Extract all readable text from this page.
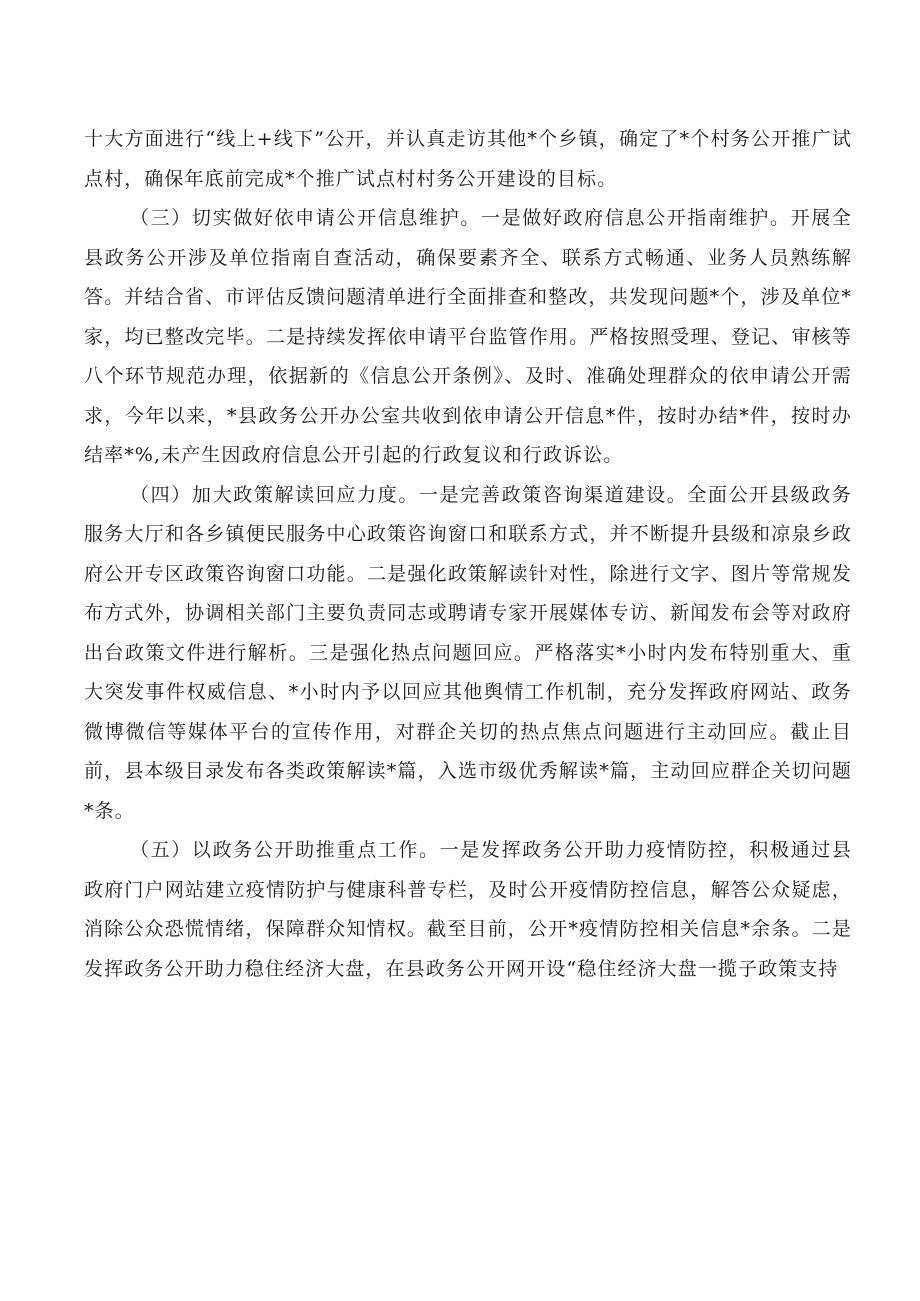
十大方面进行“线上+线下”公开，并认真走访其他*个乡镇，确定了*个村务公开推广试点村，确保年底前完成*个推广试点村村务公开建设的目标。

（三）切实做好依申请公开信息维护。一是做好政府信息公开指南维护。开展全县政务公开涉及单位指南自查活动，确保要素齐全、联系方式畅通、业务人员熟练解答。并结合省、市评估反馈问题清单进行全面排查和整改，共发现问题*个，涉及单位*家，均已整改完毕。二是持续发挥依申请平台监管作用。严格按照受理、登记、审核等八个环节规范办理，依据新的《信息公开条例》、及时、准确处理群众的依申请公开需求，今年以来，*县政务公开办公室共收到依申请公开信息*件，按时办结*件，按时办结率*%,未产生因政府信息公开引起的行政复议和行政诉讼。

（四）加大政策解读回应力度。一是完善政策咨询渠道建设。全面公开县级政务服务大厅和各乡镇便民服务中心政策咨询窗口和联系方式，并不断提升县级和凉泉乡政府公开专区政策咨询窗口功能。二是强化政策解读针对性，除进行文字、图片等常规发布方式外，协调相关部门主要负责同志或聘请专家开展媒体专访、新闻发布会等对政府出台政策文件进行解析。三是强化热点问题回应。严格落实*小时内发布特别重大、重大突发事件权威信息、*小时内予以回应其他舆情工作机制，充分发挥政府网站、政务微博微信等媒体平台的宣传作用，对群企关切的热点焦点问题进行主动回应。截止目前，县本级目录发布各类政策解读*篇，入选市级优秀解读*篇，主动回应群企关切问题*条。

（五）以政务公开助推重点工作。一是发挥政务公开助力疫情防控，积极通过县政府门户网站建立疫情防护与健康科普专栏，及时公开疫情防控信息，解答公众疑虑，消除公众恐慌情绪，保障群众知情权。截至目前，公开*疫情防控相关信息*余条。二是发挥政务公开助力稳住经济大盘，在县政务公开网开设“稳住经济大盘一揽子政策支持
